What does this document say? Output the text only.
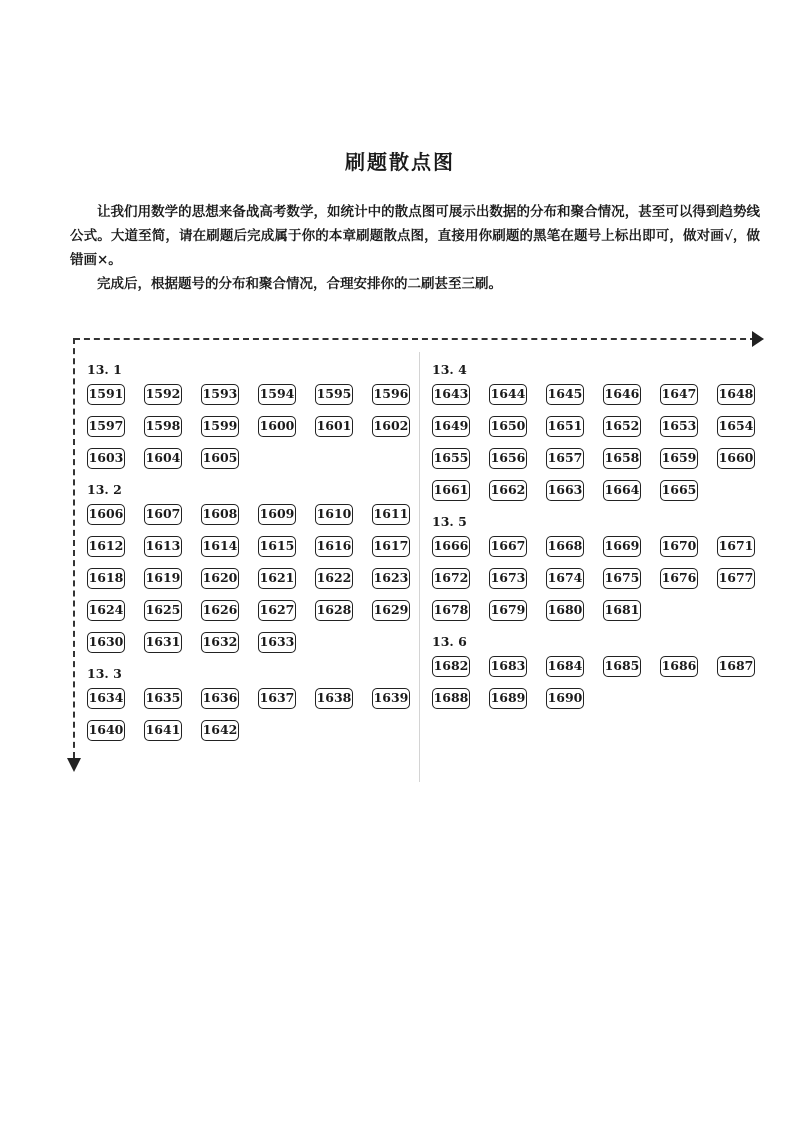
刷题散点图

让我们用数学的思想来备战高考数学，如统计中的散点图可展示出数据的分布和聚合情况，甚至可以得到趋势线公式。大道至简，请在刷题后完成属于你的本章刷题散点图，直接用你刷题的黑笔在题号上标出即可，做对画√，做错画×。

完成后，根据题号的分布和聚合情况，合理安排你的二刷甚至三刷。

13. 1
1591 1592 1593 1594 1595 1596
1597 1598 1599 1600 1601 1602
1603 1604 1605
13. 2
1606 1607 1608 1609 1610 1611
1612 1613 1614 1615 1616 1617
1618 1619 1620 1621 1622 1623
1624 1625 1626 1627 1628 1629
1630 1631 1632 1633
13. 3
1634 1635 1636 1637 1638 1639
1640 1641 1642
13. 4
1643 1644 1645 1646 1647 1648
1649 1650 1651 1652 1653 1654
1655 1656 1657 1658 1659 1660
1661 1662 1663 1664 1665
13. 5
1666 1667 1668 1669 1670 1671
1672 1673 1674 1675 1676 1677
1678 1679 1680 1681
13. 6
1682 1683 1684 1685 1686 1687
1688 1689 1690
